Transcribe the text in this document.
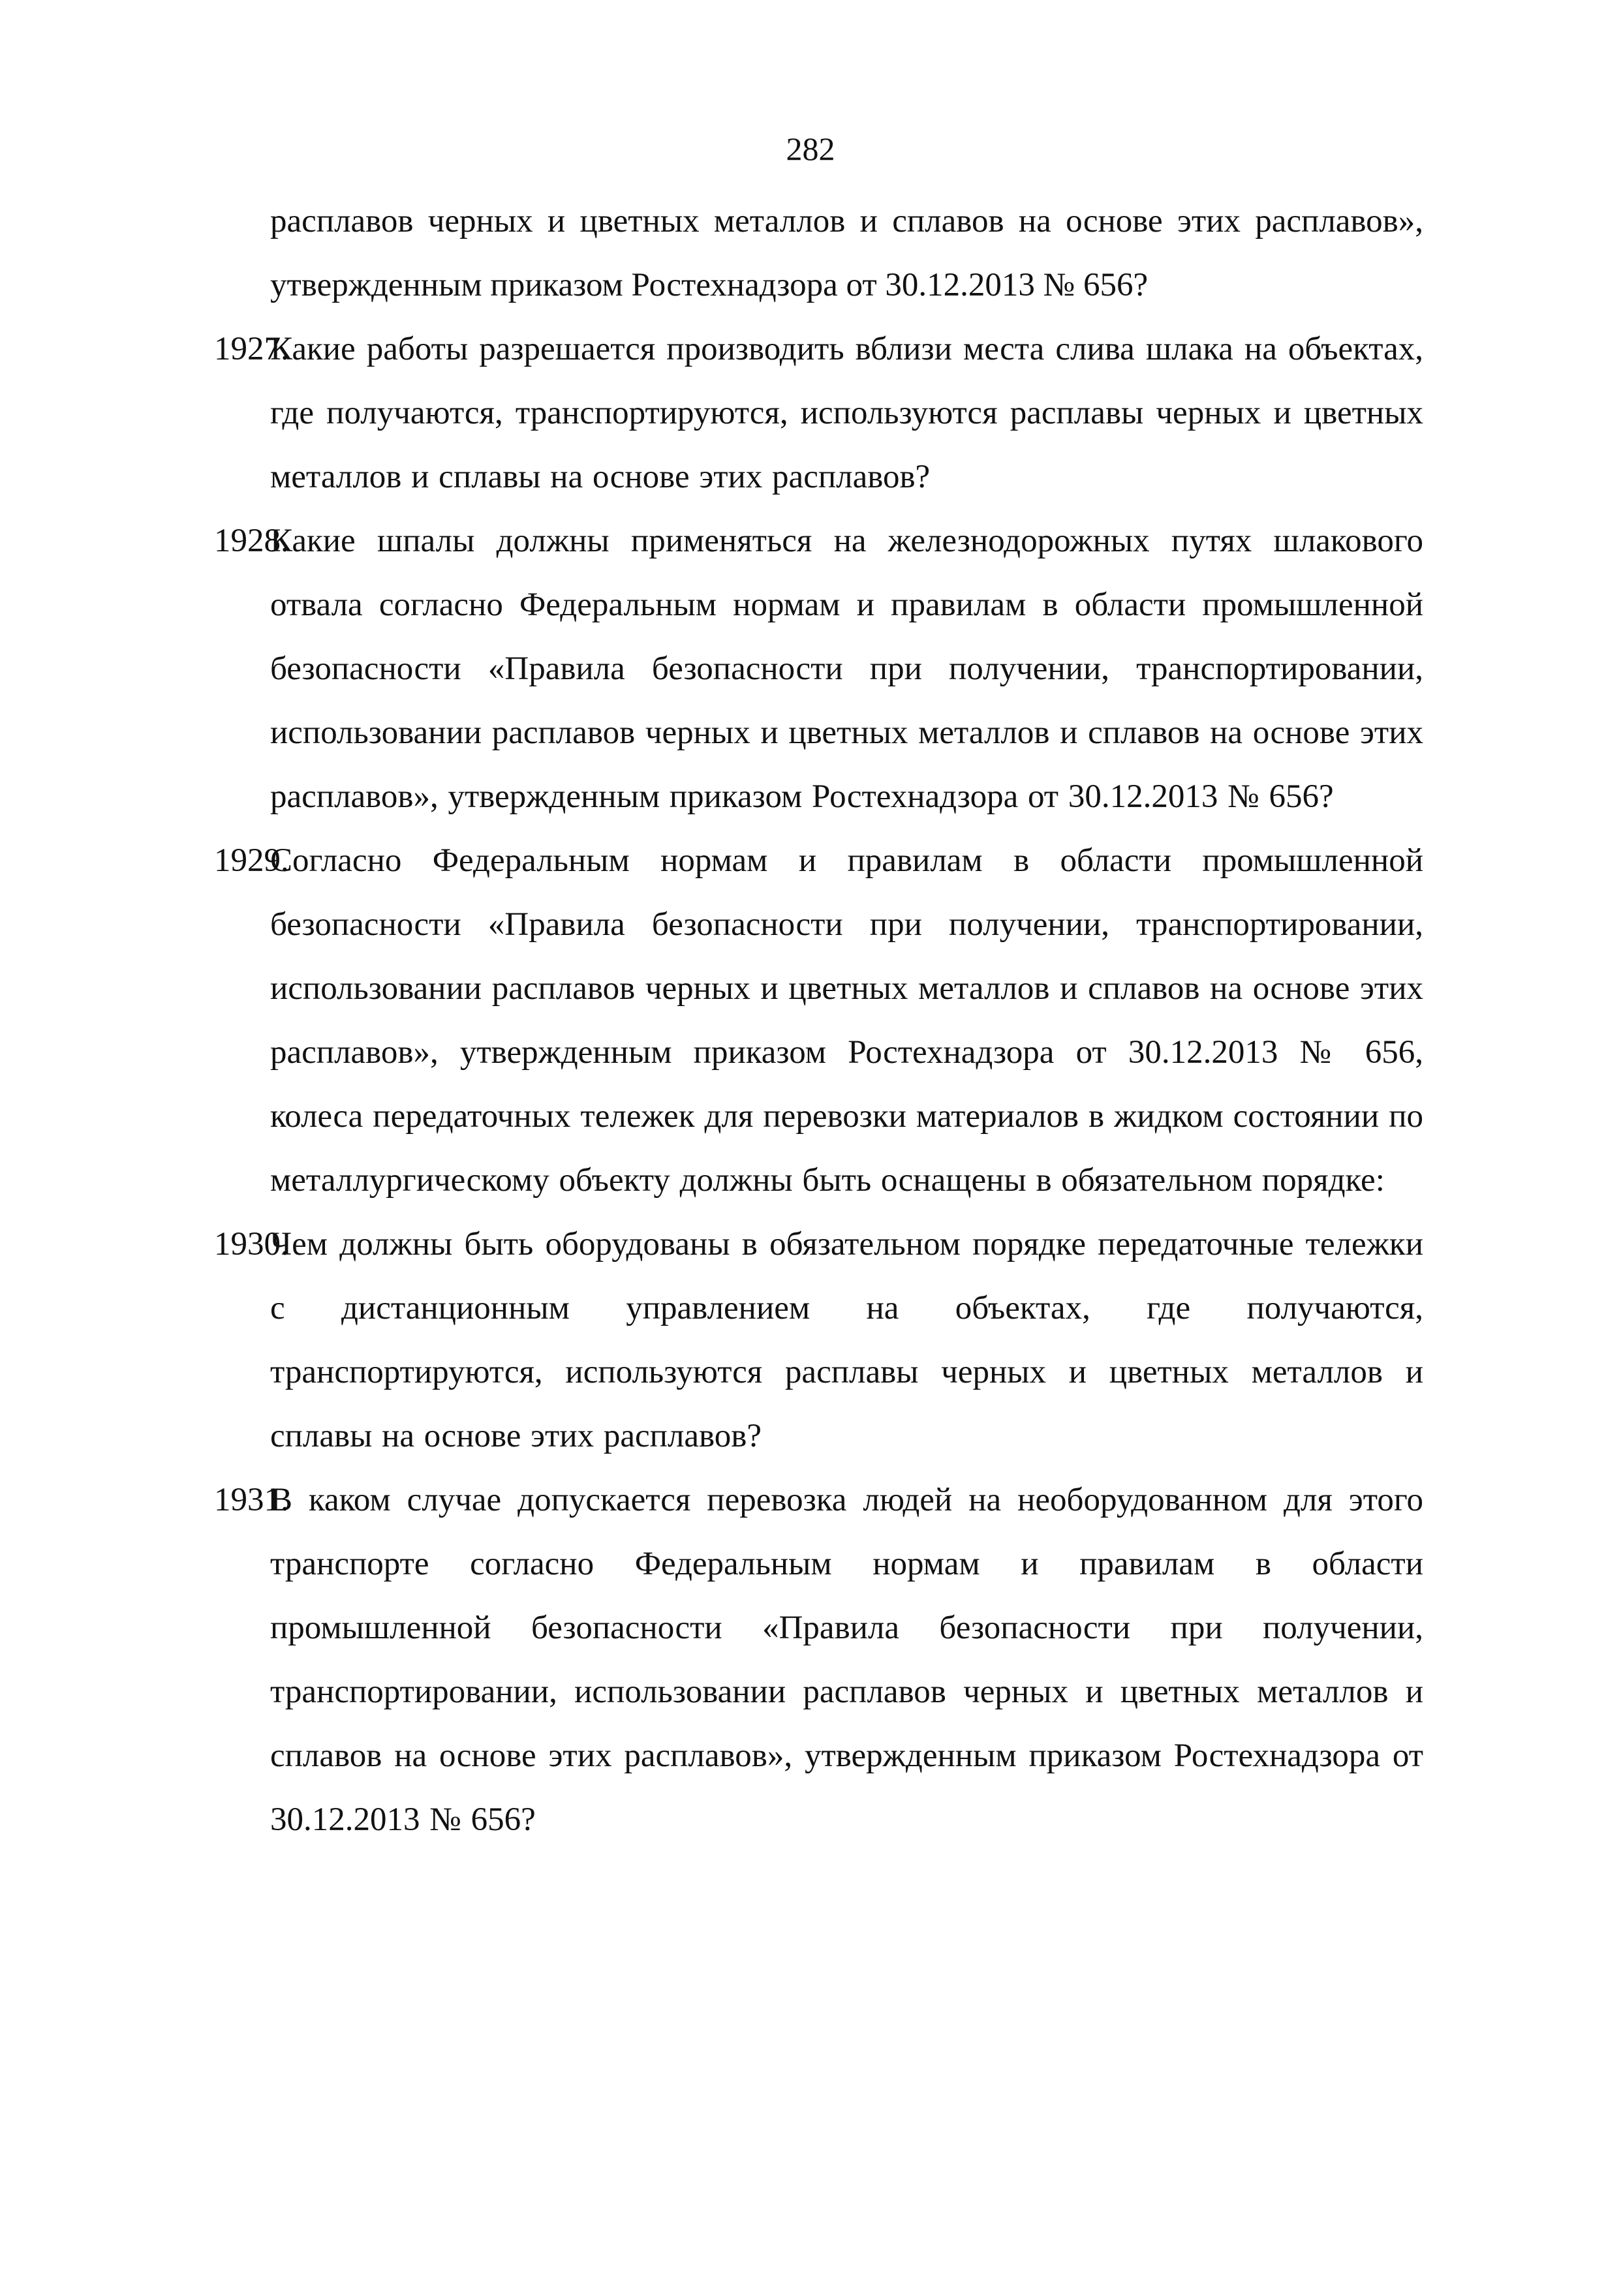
282

расплавов черных и цветных металлов и сплавов на основе этих расплавов», утвержденным приказом Ростехнадзора от 30.12.2013 № 656?

1927.
Какие работы разрешается производить вблизи места слива шлака на объектах, где получаются, транспортируются, используются расплавы черных и цветных металлов и сплавы на основе этих расплавов?
1928.
Какие шпалы должны применяться на железнодорожных путях шлакового отвала согласно Федеральным нормам и правилам в области промышленной безопасности «Правила безопасности при получении, транспортировании, использовании расплавов черных и цветных металлов и сплавов на основе этих расплавов», утвержденным приказом Ростехнадзора от 30.12.2013 № 656?
1929.
Согласно Федеральным нормам и правилам в области промышленной безопасности «Правила безопасности при получении, транспортировании, использовании расплавов черных и цветных металлов и сплавов на основе этих расплавов», утвержденным приказом Ростехнадзора от 30.12.2013 № 656, колеса передаточных тележек для перевозки материалов в жидком состоянии по металлургическому объекту должны быть оснащены в обязательном порядке:
1930.
Чем должны быть оборудованы в обязательном порядке передаточные тележки с дистанционным управлением на объектах, где получаются, транспортируются, используются расплавы черных и цветных металлов и сплавы на основе этих расплавов?
1931.
В каком случае допускается перевозка людей на необорудованном для этого транспорте согласно Федеральным нормам и правилам в области промышленной безопасности «Правила безопасности при получении, транспортировании, использовании расплавов черных и цветных металлов и сплавов на основе этих расплавов», утвержденным приказом Ростехнадзора от 30.12.2013 № 656?
